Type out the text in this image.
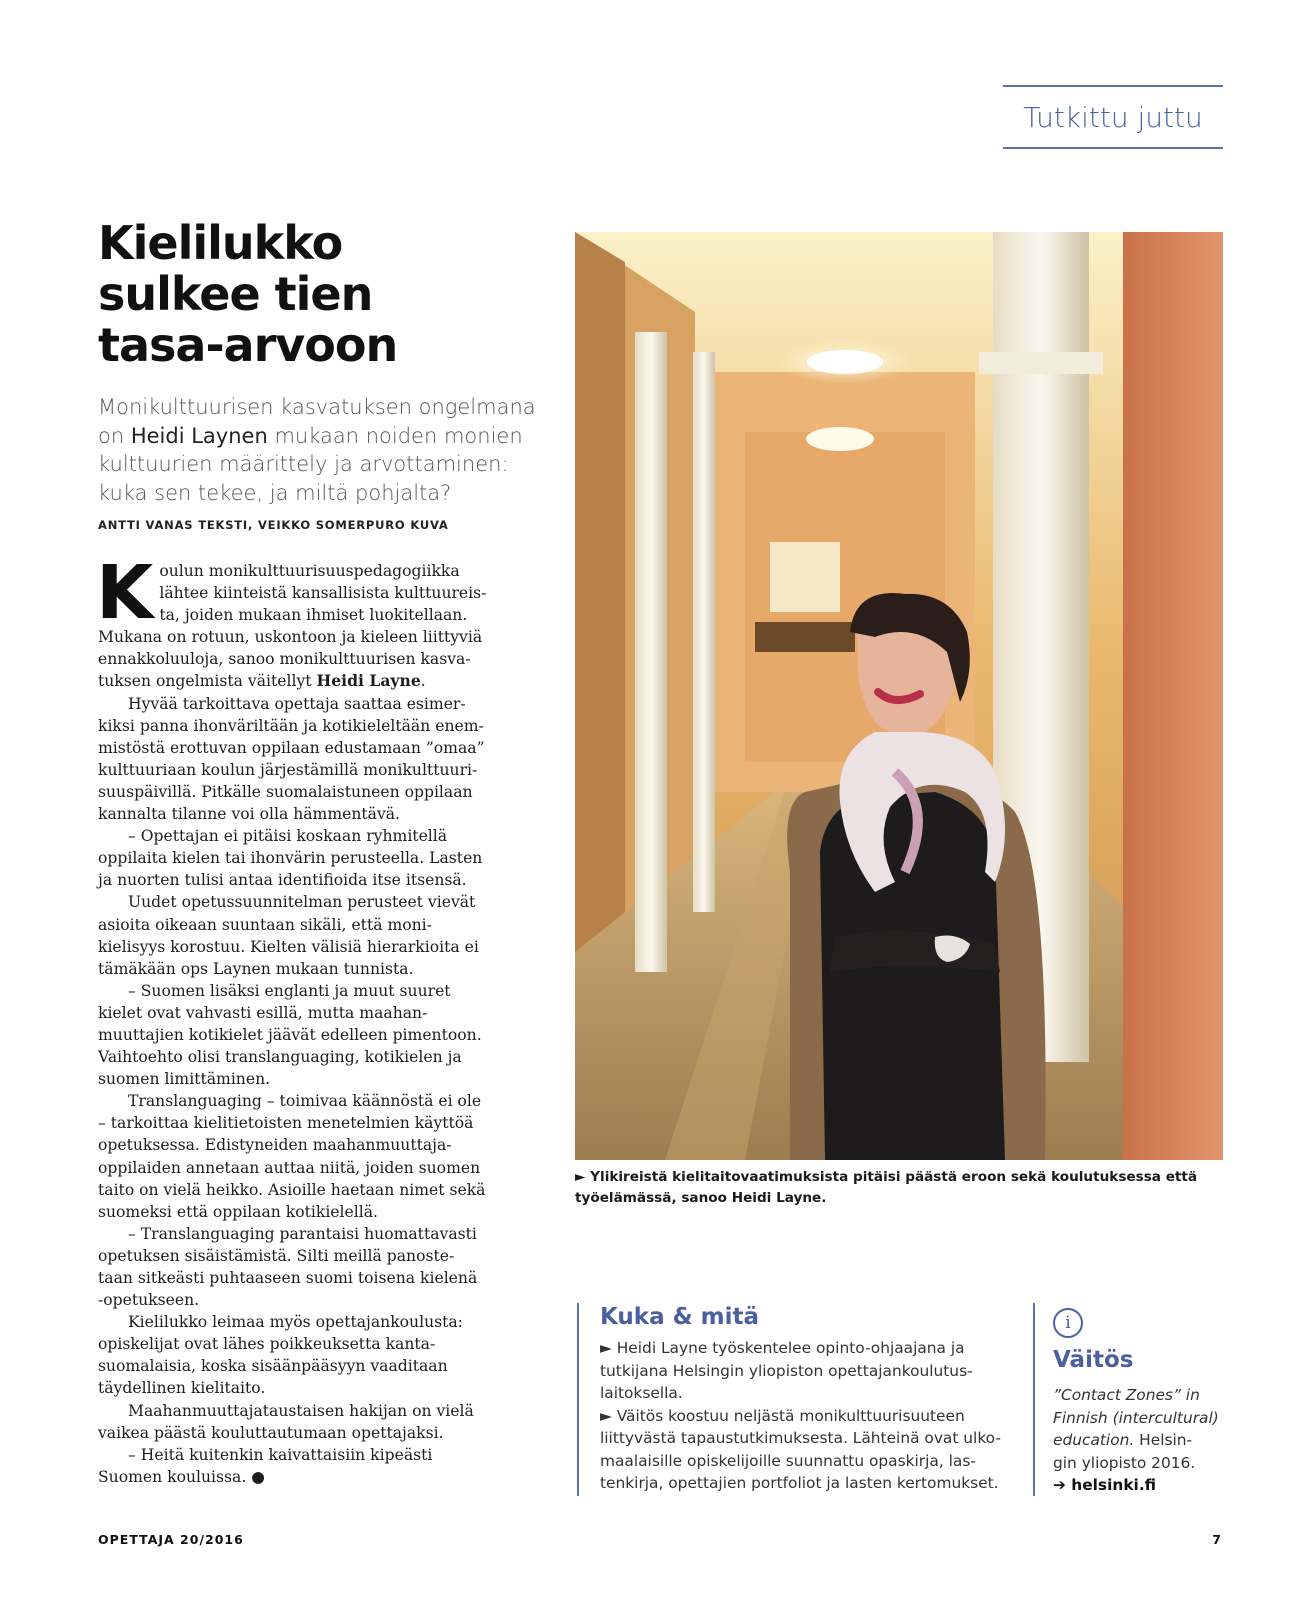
Tutkittu juttu
Kielilukko
sulkee tien
tasa-arvoon
Monikulttuurisen kasvatuksen ongelmana on Heidi Laynen mukaan noiden monien kulttuurien määrittely ja arvottaminen: kuka sen tekee, ja miltä pohjalta?
ANTTI VANAS TEKSTI, VEIKKO SOMERPURO KUVA
K oulun monikulttuurisuuspedagogiikka

lähtee kiinteistä kansallisista kulttuureis-

ta, joiden mukaan ihmiset luokitellaan.

Mukana on rotuun, uskontoon ja kieleen liittyviä

ennakkoluuloja, sanoo monikulttuurisen kasva-

tuksen ongelmista väitellyt Heidi Layne.

Hyvää tarkoittava opettaja saattaa esimer-

kiksi panna ihonväriltään ja kotikieleltään enem-

mistöstä erottuvan oppilaan edustamaan ”omaa”

kulttuuriaan koulun järjestämillä monikulttuuri-

suuspäivillä. Pitkälle suomalaistuneen oppilaan

kannalta tilanne voi olla hämmentävä.

– Opettajan ei pitäisi koskaan ryhmitellä

oppilaita kielen tai ihonvärin perusteella. Lasten

ja nuorten tulisi antaa identifioida itse itsensä.

Uudet opetussuunnitelman perusteet vievät

asioita oikeaan suuntaan sikäli, että moni-

kielisyys korostuu. Kielten välisiä hierarkioita ei

tämäkään ops Laynen mukaan tunnista.

– Suomen lisäksi englanti ja muut suuret

kielet ovat vahvasti esillä, mutta maahan-

muuttajien kotikielet jäävät edelleen pimentoon.

Vaihtoehto olisi translanguaging, kotikielen ja

suomen limittäminen.

Translanguaging – toimivaa käännöstä ei ole

– tarkoittaa kielitietoisten menetelmien käyttöä

opetuksessa. Edistyneiden maahanmuuttaja-

oppilaiden annetaan auttaa niitä, joiden suomen

taito on vielä heikko. Asioille haetaan nimet sekä

suomeksi että oppilaan kotikielellä.

– Translanguaging parantaisi huomattavasti

opetuksen sisäistämistä. Silti meillä panoste-

taan sitkeästi puhtaaseen suomi toisena kielenä

-opetukseen.

Kielilukko leimaa myös opettajankoulusta:

opiskelijat ovat lähes poikkeuksetta kanta-

suomalaisia, koska sisäänpääsyyn vaaditaan

täydellinen kielitaito.

Maahanmuuttajataustaisen hakijan on vielä

vaikea päästä kouluttautumaan opettajaksi.

– Heitä kuitenkin kaivattaisiin kipeästi

Suomen kouluissa. ●

► Ylikireistä kielitaitovaatimuksista pitäisi päästä eroon sekä koulutuksessa että työelämässä, sanoo Heidi Layne.
Kuka & mitä

► Heidi Layne työskentelee opinto-ohjaajana ja

tutkijana Helsingin yliopiston opettajankoulutus-

laitoksella.

► Väitös koostuu neljästä monikulttuurisuuteen

liittyvästä tapaustutkimuksesta. Lähteinä ovat ulko-

maalaisille opiskelijoille suunnattu opaskirja, las-

tenkirja, opettajien portfoliot ja lasten kertomukset.

i
Väitös

”Contact Zones” in

Finnish (intercultural)

education. Helsin-

gin yliopisto 2016.

➔ helsinki.fi
OPETTAJA 20/2016	7
